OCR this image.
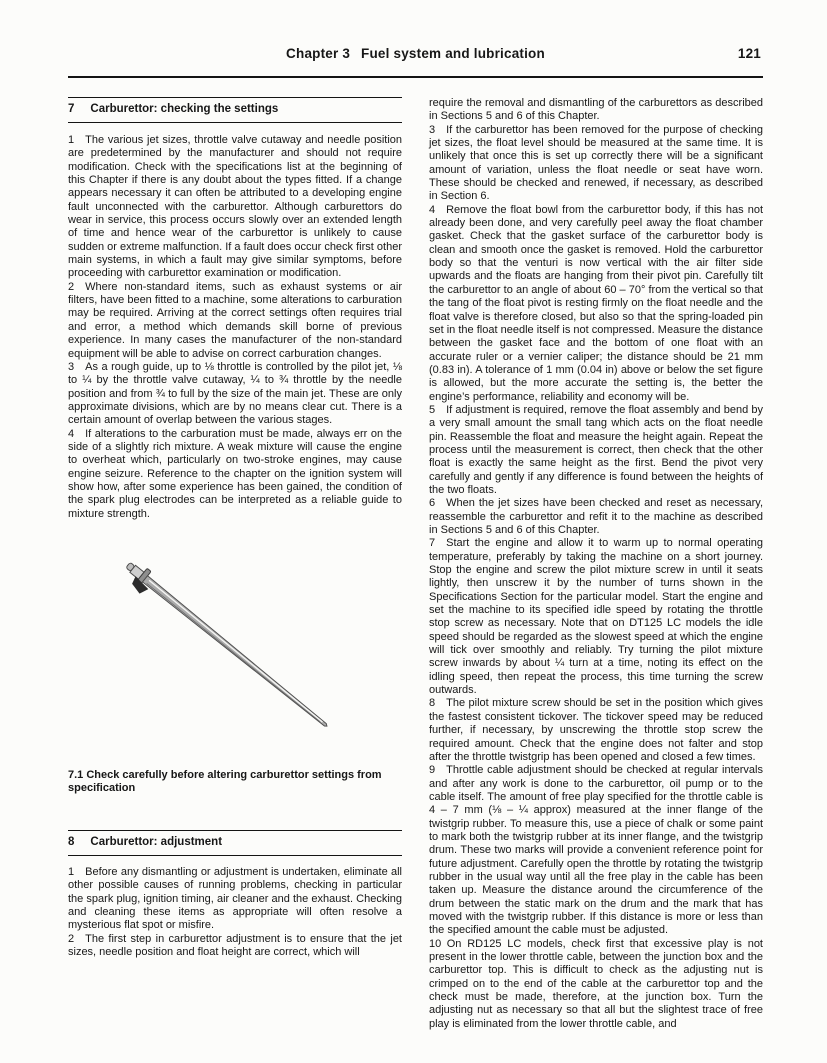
Chapter 3  Fuel system and lubrication	121
7 Carburettor: checking the settings

1  The various jet sizes, throttle valve cutaway and needle position are predetermined by the manufacturer and should not require modification. Check with the specifications list at the beginning of this Chapter if there is any doubt about the types fitted. If a change appears necessary it can often be attributed to a developing engine fault unconnected with the carburettor. Although carburettors do wear in service, this process occurs slowly over an extended length of time and hence wear of the carburettor is unlikely to cause sudden or extreme malfunction. If a fault does occur check first other main systems, in which a fault may give similar symptoms, before proceeding with carburettor examination or modification.

2  Where non-standard items, such as exhaust systems or air filters, have been fitted to a machine, some alterations to carburation may be required. Arriving at the correct settings often requires trial and error, a method which demands skill borne of previous experience. In many cases the manufacturer of the non-standard equipment will be able to advise on correct carburation changes.

3  As a rough guide, up to ⅛ throttle is controlled by the pilot jet, ⅛ to ¼ by the throttle valve cutaway, ¼ to ¾ throttle by the needle position and from ¾ to full by the size of the main jet. These are only approximate divisions, which are by no means clear cut. There is a certain amount of overlap between the various stages.

4  If alterations to the carburation must be made, always err on the side of a slightly rich mixture. A weak mixture will cause the engine to overheat which, particularly on two-stroke engines, may cause engine seizure. Reference to the chapter on the ignition system will show how, after some experience has been gained, the condition of the spark plug electrodes can be interpreted as a reliable guide to mixture strength.

7.1 Check carefully before altering carburettor settings from specification
8 Carburettor: adjustment

1  Before any dismantling or adjustment is undertaken, eliminate all other possible causes of running problems, checking in particular the spark plug, ignition timing, air cleaner and the exhaust. Checking and cleaning these items as appropriate will often resolve a mysterious flat spot or misfire.

2  The first step in carburettor adjustment is to ensure that the jet sizes, needle position and float height are correct, which will

require the removal and dismantling of the carburettors as described in Sections 5 and 6 of this Chapter.

3  If the carburettor has been removed for the purpose of checking jet sizes, the float level should be measured at the same time. It is unlikely that once this is set up correctly there will be a significant amount of variation, unless the float needle or seat have worn. These should be checked and renewed, if necessary, as described in Section 6.

4  Remove the float bowl from the carburettor body, if this has not already been done, and very carefully peel away the float chamber gasket. Check that the gasket surface of the carburettor body is clean and smooth once the gasket is removed. Hold the carburettor body so that the venturi is now vertical with the air filter side upwards and the floats are hanging from their pivot pin. Carefully tilt the carburettor to an angle of about 60 – 70° from the vertical so that the tang of the float pivot is resting firmly on the float needle and the float valve is therefore closed, but also so that the spring-loaded pin set in the float needle itself is not compressed. Measure the distance between the gasket face and the bottom of one float with an accurate ruler or a vernier caliper; the distance should be 21 mm (0.83 in). A tolerance of 1 mm (0.04 in) above or below the set figure is allowed, but the more accurate the setting is, the better the engine’s performance, reliability and economy will be.

5  If adjustment is required, remove the float assembly and bend by a very small amount the small tang which acts on the float needle pin. Reassemble the float and measure the height again. Repeat the process until the measurement is correct, then check that the other float is exactly the same height as the first. Bend the pivot very carefully and gently if any difference is found between the heights of the two floats.

6  When the jet sizes have been checked and reset as necessary, reassemble the carburettor and refit it to the machine as described in Sections 5 and 6 of this Chapter.

7  Start the engine and allow it to warm up to normal operating temperature, preferably by taking the machine on a short journey. Stop the engine and screw the pilot mixture screw in until it seats lightly, then unscrew it by the number of turns shown in the Specifications Section for the particular model. Start the engine and set the machine to its specified idle speed by rotating the throttle stop screw as necessary. Note that on DT125 LC models the idle speed should be regarded as the slowest speed at which the engine will tick over smoothly and reliably. Try turning the pilot mixture screw inwards by about ¼ turn at a time, noting its effect on the idling speed, then repeat the process, this time turning the screw outwards.

8  The pilot mixture screw should be set in the position which gives the fastest consistent tickover. The tickover speed may be reduced further, if necessary, by unscrewing the throttle stop screw the required amount. Check that the engine does not falter and stop after the throttle twistgrip has been opened and closed a few times.

9  Throttle cable adjustment should be checked at regular intervals and after any work is done to the carburettor, oil pump or to the cable itself. The amount of free play specified for the throttle cable is 4 – 7 mm (⅛ – ¼ approx) measured at the inner flange of the twistgrip rubber. To measure this, use a piece of chalk or some paint to mark both the twistgrip rubber at its inner flange, and the twistgrip drum. These two marks will provide a convenient reference point for future adjustment. Carefully open the throttle by rotating the twistgrip rubber in the usual way until all the free play in the cable has been taken up. Measure the distance around the circumference of the drum between the static mark on the drum and the mark that has moved with the twistgrip rubber. If this distance is more or less than the specified amount the cable must be adjusted.

10 On RD125 LC models, check first that excessive play is not present in the lower throttle cable, between the junction box and the carburettor top. This is difficult to check as the adjusting nut is crimped on to the end of the cable at the carburettor top and the check must be made, therefore, at the junction box. Turn the adjusting nut as necessary so that all but the slightest trace of free play is eliminated from the lower throttle cable, and
